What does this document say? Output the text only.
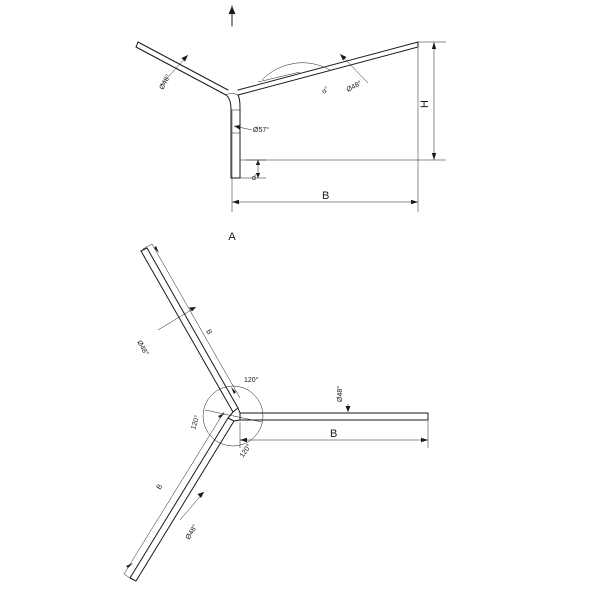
Ø48°	Ø48°
α°
Ø57°
d
H
B
A
120°
120°
120°
Ø48°
B
Ø48°
B
Ø48°
B
